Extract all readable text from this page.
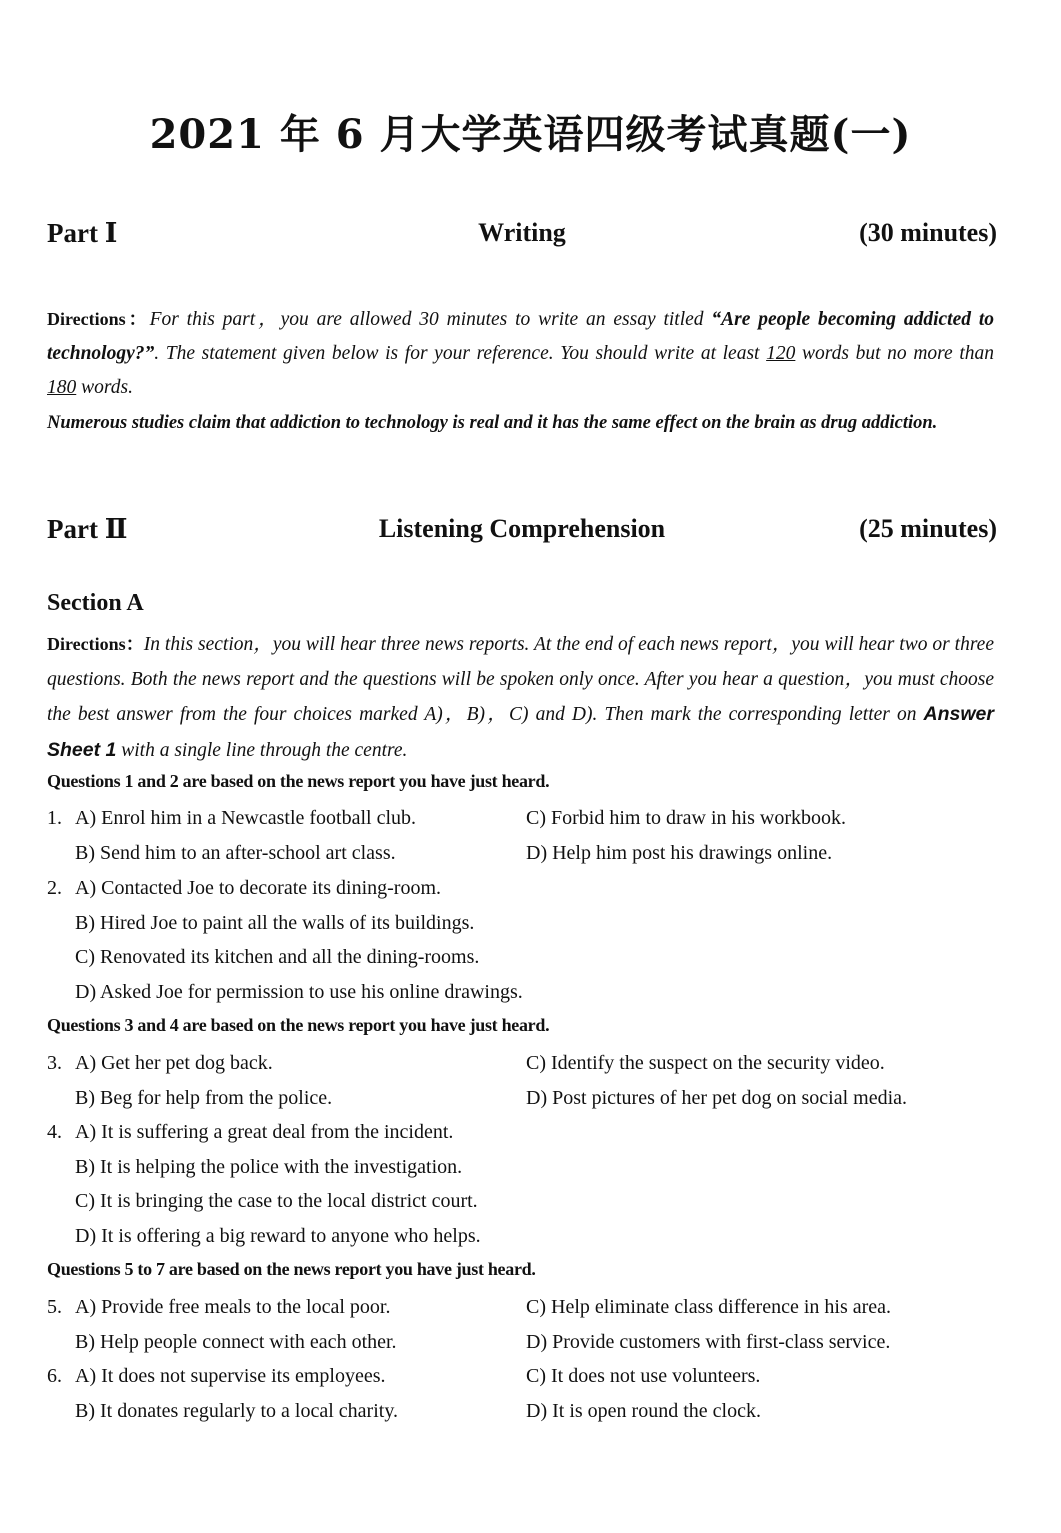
2021 年 6 月大学英语四级考试真题(一)
Part Ⅰ	Writing	(30 minutes)
Directions：For this part，you are allowed 30 minutes to write an essay titled “Are people becoming addicted to technology?”. The statement given below is for your reference. You should write at least 120 words but no more than 180 words.
Numerous studies claim that addiction to technology is real and it has the same effect on the brain as drug addiction.
Part Ⅱ	Listening Comprehension	(25 minutes)
Section A
Directions：In this section，you will hear three news reports. At the end of each news report，you will hear two or three questions. Both the news report and the questions will be spoken only once. After you hear a question，you must choose the best answer from the four choices marked A)，B)，C) and D). Then mark the corresponding letter on Answer Sheet 1 with a single line through the centre.
Questions 1 and 2 are based on the news report you have just heard.
1. A) Enrol him in a Newcastle football club.	C) Forbid him to draw in his workbook.
B) Send him to an after-school art class.	D) Help him post his drawings online.
2. A) Contacted Joe to decorate its dining-room.
B) Hired Joe to paint all the walls of its buildings.
C) Renovated its kitchen and all the dining-rooms.
D) Asked Joe for permission to use his online drawings.
Questions 3 and 4 are based on the news report you have just heard.
3. A) Get her pet dog back.	C) Identify the suspect on the security video.
B) Beg for help from the police.	D) Post pictures of her pet dog on social media.
4. A) It is suffering a great deal from the incident.
B) It is helping the police with the investigation.
C) It is bringing the case to the local district court.
D) It is offering a big reward to anyone who helps.
Questions 5 to 7 are based on the news report you have just heard.
5. A) Provide free meals to the local poor.	C) Help eliminate class difference in his area.
B) Help people connect with each other.	D) Provide customers with first-class service.
6. A) It does not supervise its employees.	C) It does not use volunteers.
B) It donates regularly to a local charity.	D) It is open round the clock.
